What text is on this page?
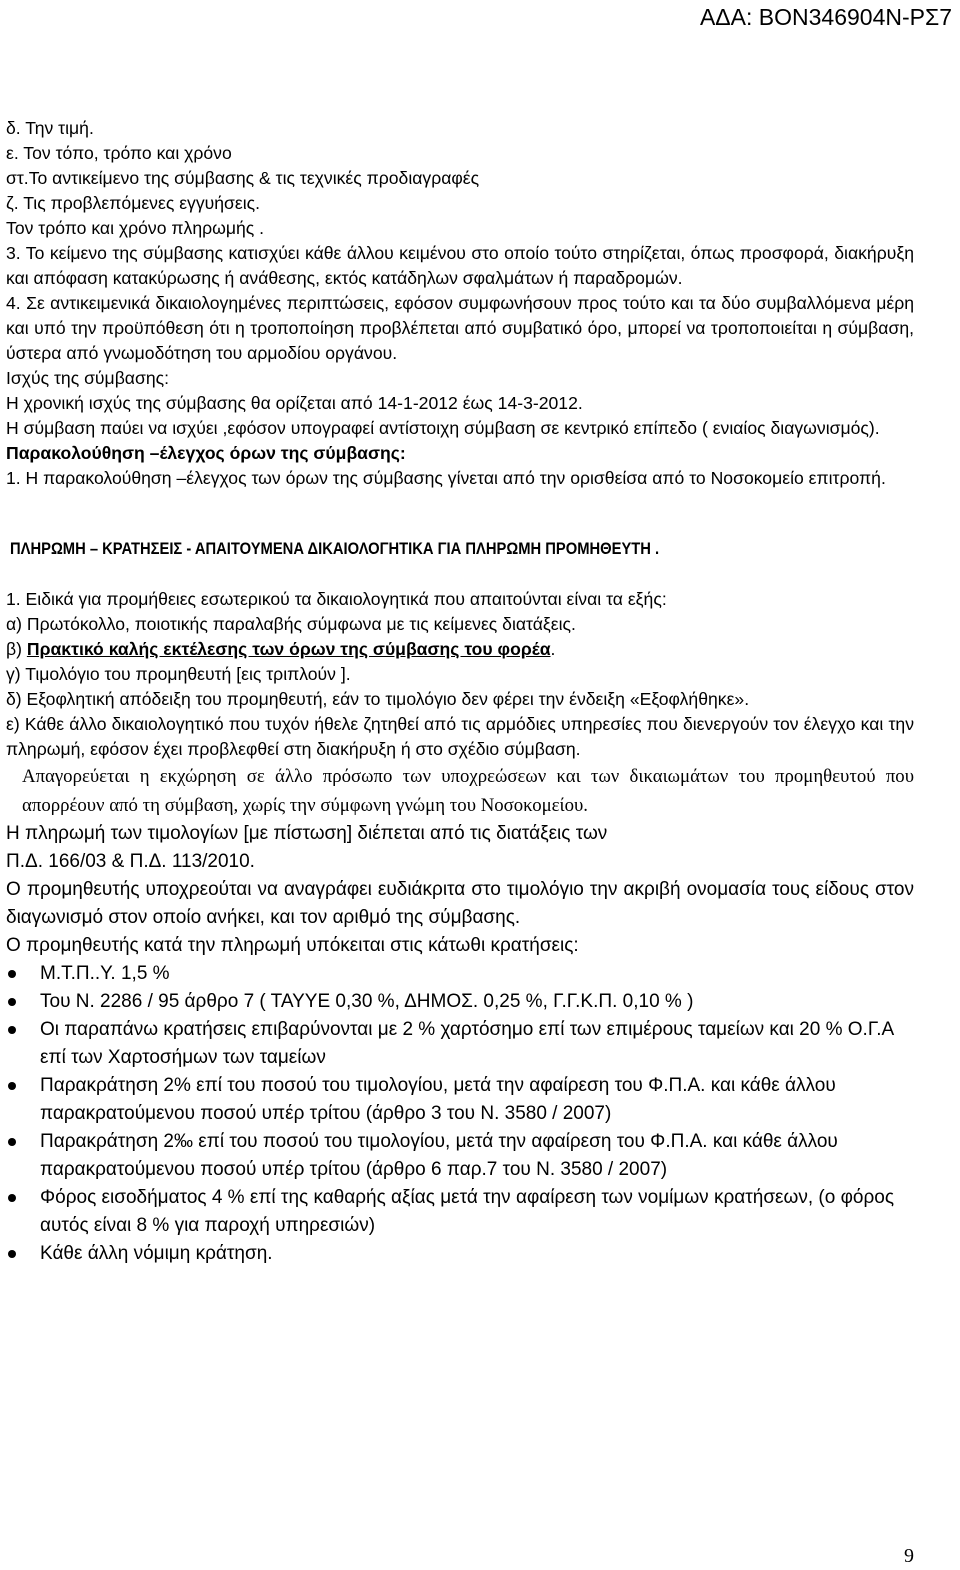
ΑΔΑ: ΒΟΝ346904Ν-ΡΣ7

δ. Την τιμή.

ε. Τον τόπο, τρόπο και χρόνο

στ.Το αντικείμενο της σύμβασης & τις τεχνικές προδιαγραφές

ζ. Τις προβλεπόμενες εγγυήσεις.

Τον τρόπο και χρόνο πληρωμής .

3. Το κείμενο της σύμβασης κατισχύει κάθε άλλου κειμένου στο οποίο τούτο στηρίζεται, όπως προσφορά, διακήρυξη και απόφαση κατακύρωσης ή ανάθεσης, εκτός κατάδηλων σφαλμάτων ή παραδρομών.

4. Σε αντικειμενικά δικαιολογημένες περιπτώσεις, εφόσον συμφωνήσουν προς τούτο και τα δύο συμβαλλόμενα μέρη και υπό την προϋπόθεση ότι η τροποποίηση προβλέπεται από συμβατικό όρο, μπορεί να τροποποιείται η σύμβαση, ύστερα από γνωμοδότηση του αρμοδίου οργάνου.

Ισχύς της σύμβασης:

Η χρονική ισχύς της σύμβασης θα ορίζεται από 14-1-2012 έως 14-3-2012.

Η σύμβαση παύει να ισχύει ,εφόσον υπογραφεί αντίστοιχη σύμβαση σε κεντρικό επίπεδο ( ενιαίος διαγωνισμός).

Παρακολούθηση –έλεγχος όρων της σύμβασης:

1. Η παρακολούθηση –έλεγχος των όρων της σύμβασης γίνεται από την ορισθείσα από το Νοσοκομείο επιτροπή.

ΠΛΗΡΩΜΗ – ΚΡΑΤΗΣΕΙΣ - ΑΠΑΙΤΟΥΜΕΝΑ ΔΙΚΑΙΟΛΟΓΗΤΙΚΑ ΓΙΑ ΠΛΗΡΩΜΗ ΠΡΟΜΗΘΕΥΤΗ .

1. Ειδικά για προμήθειες εσωτερικού τα δικαιολογητικά που απαιτούνται είναι τα εξής:

α) Πρωτόκολλο, ποιοτικής παραλαβής σύμφωνα με τις κείμενες διατάξεις.

β) Πρακτικό καλής εκτέλεσης των όρων της σύμβασης του φορέα.

γ) Τιμολόγιο του προμηθευτή [εις τριπλούν ].

δ) Εξοφλητική απόδειξη του προμηθευτή, εάν το τιμολόγιο δεν φέρει την ένδειξη «Εξοφλήθηκε».

ε) Κάθε άλλο δικαιολογητικό που τυχόν ήθελε ζητηθεί από τις αρμόδιες υπηρεσίες που διενεργούν τον έλεγχο και την πληρωμή, εφόσον έχει προβλεφθεί στη διακήρυξη ή στο σχέδιο σύμβαση.

Απαγορεύεται η εκχώρηση σε άλλο πρόσωπο των υποχρεώσεων και των δικαιωμάτων του προμηθευτού που απορρέουν από τη σύμβαση, χωρίς την σύμφωνη γνώμη του Νοσοκομείου.

Η πληρωμή των τιμολογίων [με πίστωση] διέπεται από τις διατάξεις των

Π.Δ. 166/03 & Π.Δ. 113/2010.

Ο προμηθευτής υποχρεούται να αναγράφει ευδιάκριτα στο τιμολόγιο την ακριβή ονομασία τους είδους στον διαγωνισμό στον οποίο ανήκει, και τον αριθμό της σύμβασης.

Ο προμηθευτής κατά την πληρωμή υπόκειται στις κάτωθι κρατήσεις:

Μ.Τ.Π..Υ. 1,5 %
Του Ν. 2286 / 95 άρθρο 7 ( ΤΑΥΥΕ 0,30 %, ΔΗΜΟΣ. 0,25 %, Γ.Γ.Κ.Π. 0,10 % )
Οι παραπάνω κρατήσεις επιβαρύνονται με 2 % χαρτόσημο επί των επιμέρους ταμείων και 20 % Ο.Γ.Α επί των Χαρτοσήμων των ταμείων
Παρακράτηση 2% επί του ποσού του τιμολογίου, μετά την αφαίρεση του Φ.Π.Α. και κάθε άλλου παρακρατούμενου ποσού υπέρ τρίτου (άρθρο 3 του Ν. 3580 / 2007)
Παρακράτηση 2‰ επί του ποσού του τιμολογίου, μετά την αφαίρεση του Φ.Π.Α. και κάθε άλλου παρακρατούμενου ποσού υπέρ τρίτου (άρθρο 6 παρ.7 του Ν. 3580 / 2007)
Φόρος εισοδήματος 4 % επί της καθαρής αξίας μετά την αφαίρεση των νομίμων κρατήσεων, (ο φόρος αυτός είναι 8 % για παροχή υπηρεσιών)
Κάθε άλλη νόμιμη κράτηση.
9
